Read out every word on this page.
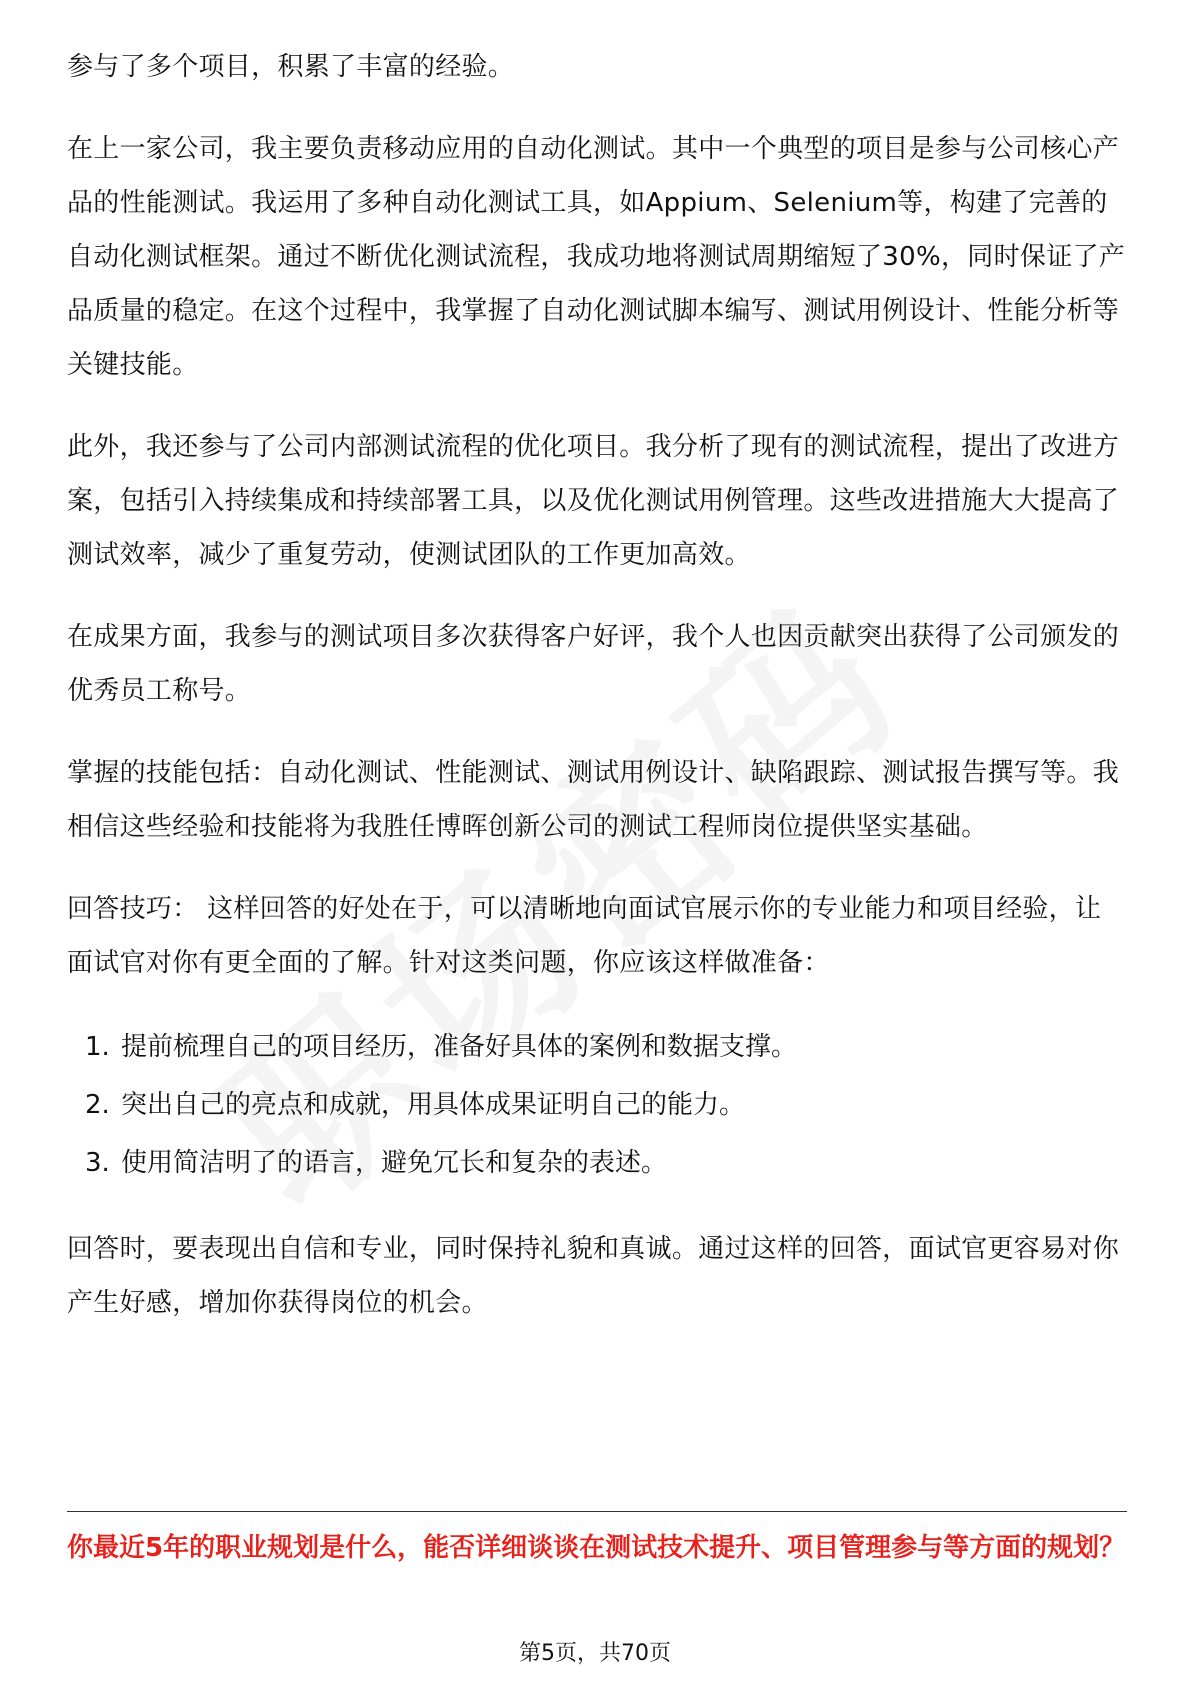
参与了多个项目，积累了丰富的经验。

在上一家公司，我主要负责移动应用的自动化测试。其中一个典型的项目是参与公司核心产品的性能测试。我运用了多种自动化测试工具，如Appium、Selenium等，构建了完善的自动化测试框架。通过不断优化测试流程，我成功地将测试周期缩短了30%，同时保证了产品质量的稳定。在这个过程中，我掌握了自动化测试脚本编写、测试用例设计、性能分析等关键技能。

此外，我还参与了公司内部测试流程的优化项目。我分析了现有的测试流程，提出了改进方案，包括引入持续集成和持续部署工具，以及优化测试用例管理。这些改进措施大大提高了测试效率，减少了重复劳动，使测试团队的工作更加高效。

在成果方面，我参与的测试项目多次获得客户好评，我个人也因贡献突出获得了公司颁发的优秀员工称号。

掌握的技能包括：自动化测试、性能测试、测试用例设计、缺陷跟踪、测试报告撰写等。我相信这些经验和技能将为我胜任博晖创新公司的测试工程师岗位提供坚实基础。

回答技巧： 这样回答的好处在于，可以清晰地向面试官展示你的专业能力和项目经验，让面试官对你有更全面的了解。针对这类问题，你应该这样做准备：

1. 提前梳理自己的项目经历，准备好具体的案例和数据支撑。
2. 突出自己的亮点和成就，用具体成果证明自己的能力。
3. 使用简洁明了的语言，避免冗长和复杂的表述。

回答时，要表现出自信和专业，同时保持礼貌和真诚。通过这样的回答，面试官更容易对你产生好感，增加你获得岗位的机会。

你最近5年的职业规划是什么，能否详细谈谈在测试技术提升、项目管理参与等方面的规划？

第5页，共70页
